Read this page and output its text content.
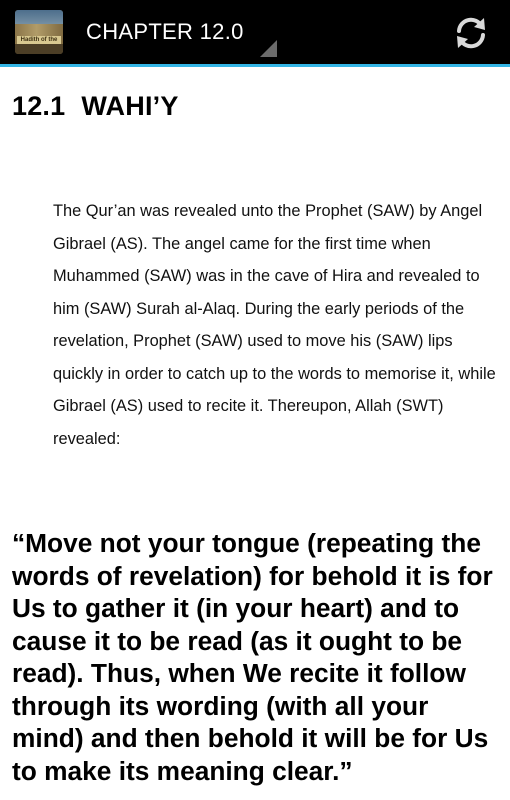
Hadith of the CHAPTER 12.0
12.1 WAHI’Y

The Qur’an was revealed unto the Prophet (SAW) by Angel Gibrael (AS). The angel came for the first time when Muhammed (SAW) was in the cave of Hira and revealed to him (SAW) Surah al-Alaq. During the early periods of the revelation, Prophet (SAW) used to move his (SAW) lips quickly in order to catch up to the words to memorise it, while Gibrael (AS) used to recite it. Thereupon, Allah (SWT) revealed:

“Move not your tongue (repeating the words of revelation) for behold it is for Us to gather it (in your heart) and to cause it to be read (as it ought to be read). Thus, when We recite it follow through its wording (with all your mind) and then behold it will be for Us to make its meaning clear.”
